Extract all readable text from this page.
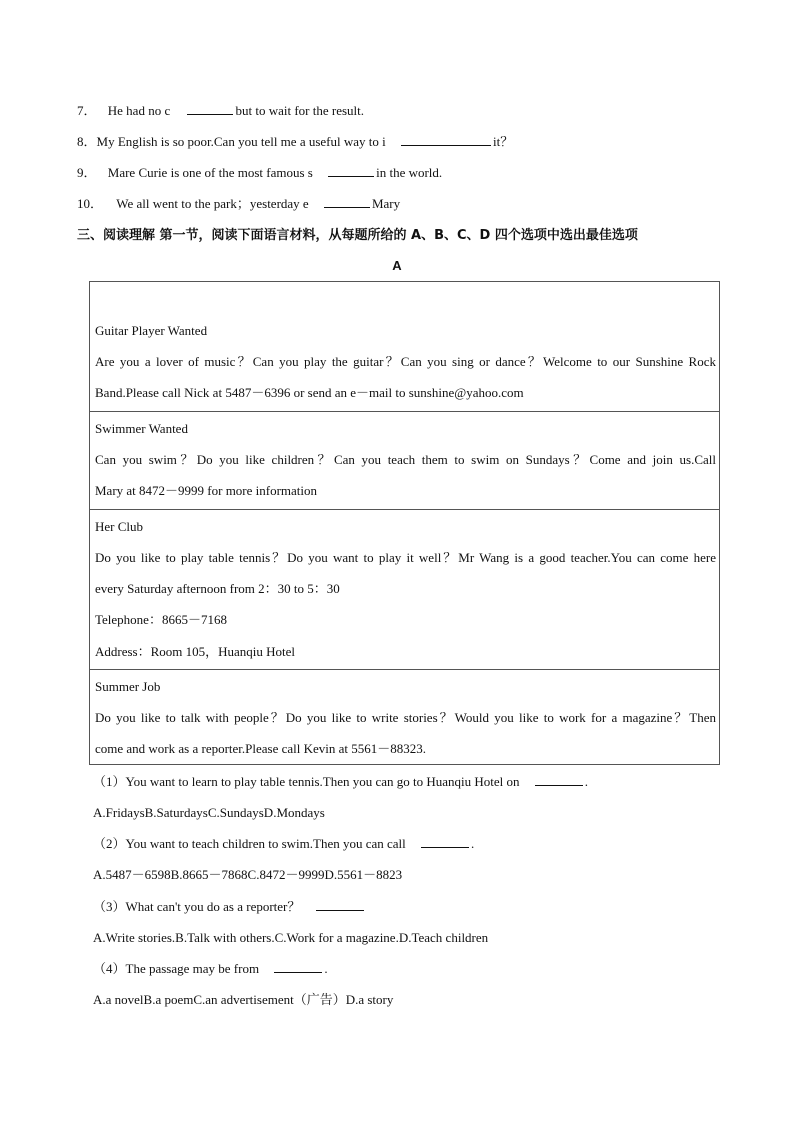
7． He had no c	but to wait for the result.
8．My English is so poor.Can you tell me a useful way to i	it？
9． Mare Curie is one of the most famous s	in the world.
10． We all went to the park；yesterday e	Mary
三、阅读理解 第一节，阅读下面语言材料，从每题所给的 A、B、C、D 四个选项中选出最佳选项
A
Guitar Player Wanted
Are you a lover of music？Can you play the guitar？Can you sing or dance？Welcome to our Sunshine Rock
Band.Please call Nick at 5487－6396 or send an e－mail to sunshine@yahoo.com
Swimmer Wanted
Can you swim？Do you like children？Can you teach them to swim on Sundays？Come and join us.Call
Mary at 8472－9999 for more information
Her Club
Do you like to play table tennis？Do you want to play it well？Mr Wang is a good teacher.You can come here
every Saturday afternoon from 2：30 to 5：30
Telephone：8665－7168
Address：Room 105，Huanqiu Hotel
Summer Job
Do you like to talk with people？Do you like to write stories？Would you like to work for a magazine？Then
come and work as a reporter.Please call Kevin at 5561－88323.
（1）You want to learn to play table tennis.Then you can go to Huanqiu Hotel on	.
A.FridaysB.SaturdaysC.SundaysD.Mondays
（2）You want to teach children to swim.Then you can call	.
A.5487－6598B.8665－7868C.8472－9999D.5561－8823
（3）What can't you do as a reporter？
A.Write stories.B.Talk with others.C.Work for a magazine.D.Teach children
（4）The passage may be from	.
A.a novelB.a poemC.an advertisement（广告）D.a story
